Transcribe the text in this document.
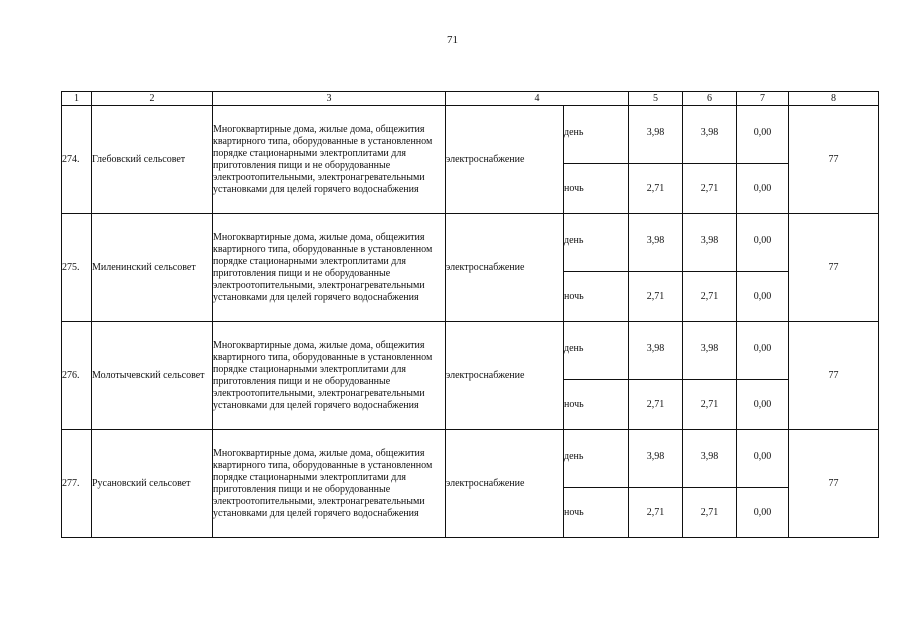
71
1	2	3	4		5	6	7	8
274.	Глебовский сельсовет	Многоквартирные дома, жилые дома, общежития квартирного типа, оборудованные в установленном порядке стационарными электроплитами для приготовления пищи и не оборудованные электроотопительными, электронагревательными установками для целей горячего водоснабжения	электроснабжение	день	3,98	3,98	0,00	77
				ночь	2,71	2,71	0,00	
275.	Миленинский сельсовет	Многоквартирные дома, жилые дома, общежития квартирного типа, оборудованные в установленном порядке стационарными электроплитами для приготовления пищи и не оборудованные электроотопительными, электронагревательными установками для целей горячего водоснабжения	электроснабжение	день	3,98	3,98	0,00	77
				ночь	2,71	2,71	0,00	
276.	Молотычевский сельсовет	Многоквартирные дома, жилые дома, общежития квартирного типа, оборудованные в установленном порядке стационарными электроплитами для приготовления пищи и не оборудованные электроотопительными, электронагревательными установками для целей горячего водоснабжения	электроснабжение	день	3,98	3,98	0,00	77
				ночь	2,71	2,71	0,00	
277.	Русановский сельсовет	Многоквартирные дома, жилые дома, общежития квартирного типа, оборудованные в установленном порядке стационарными электроплитами для приготовления пищи и не оборудованные электроотопительными, электронагревательными установками для целей горячего водоснабжения	электроснабжение	день	3,98	3,98	0,00	77
				ночь	2,71	2,71	0,00	
